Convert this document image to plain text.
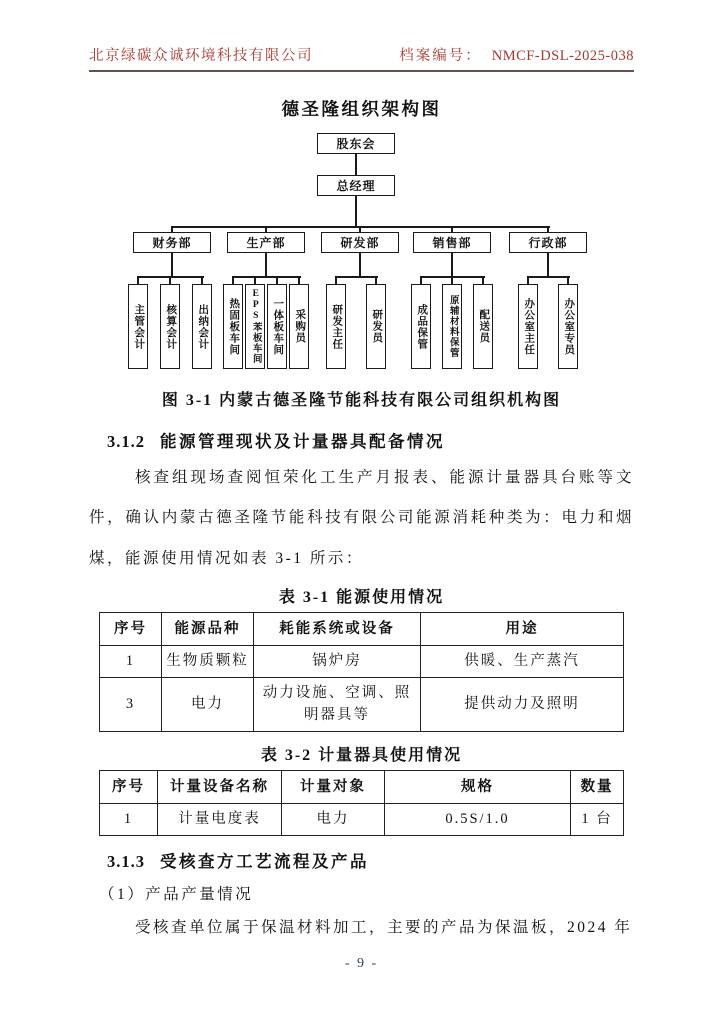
北京绿碳众诚环境科技有限公司	档案编号： NMCF-DSL-2025-038
德圣隆组织架构图
股东会
总经理
财务部	生产部	研发部	销售部	行政部
主管会计 核算会计 出纳会计 热固板车间 EPS苯板车间 一体板车间 采购员 研发主任	研发员	成品保管 原辅材料保管 配送员	办公室主任	办公室专员
图 3-1 内蒙古德圣隆节能科技有限公司组织机构图
3.1.2 能源管理现状及计量器具配备情况
核查组现场查阅恒荣化工生产月报表、能源计量器具台账等文件，确认内蒙古德圣隆节能科技有限公司能源消耗种类为：电力和烟煤，能源使用情况如表 3-1 所示：
表 3-1 能源使用情况
序号	能源品种	耗能系统或设备	用途
1	生物质颗粒	锅炉房	供暖、生产蒸汽
3	电力	动力设施、空调、照明器具等	提供动力及照明
表 3-2 计量器具使用情况
序号	计量设备名称	计量对象	规格	数量
1	计量电度表	电力	0.5S/1.0	1 台
3.1.3 受核查方工艺流程及产品
（1）产品产量情况
受核查单位属于保温材料加工，主要的产品为保温板，2024 年
- 9 -
